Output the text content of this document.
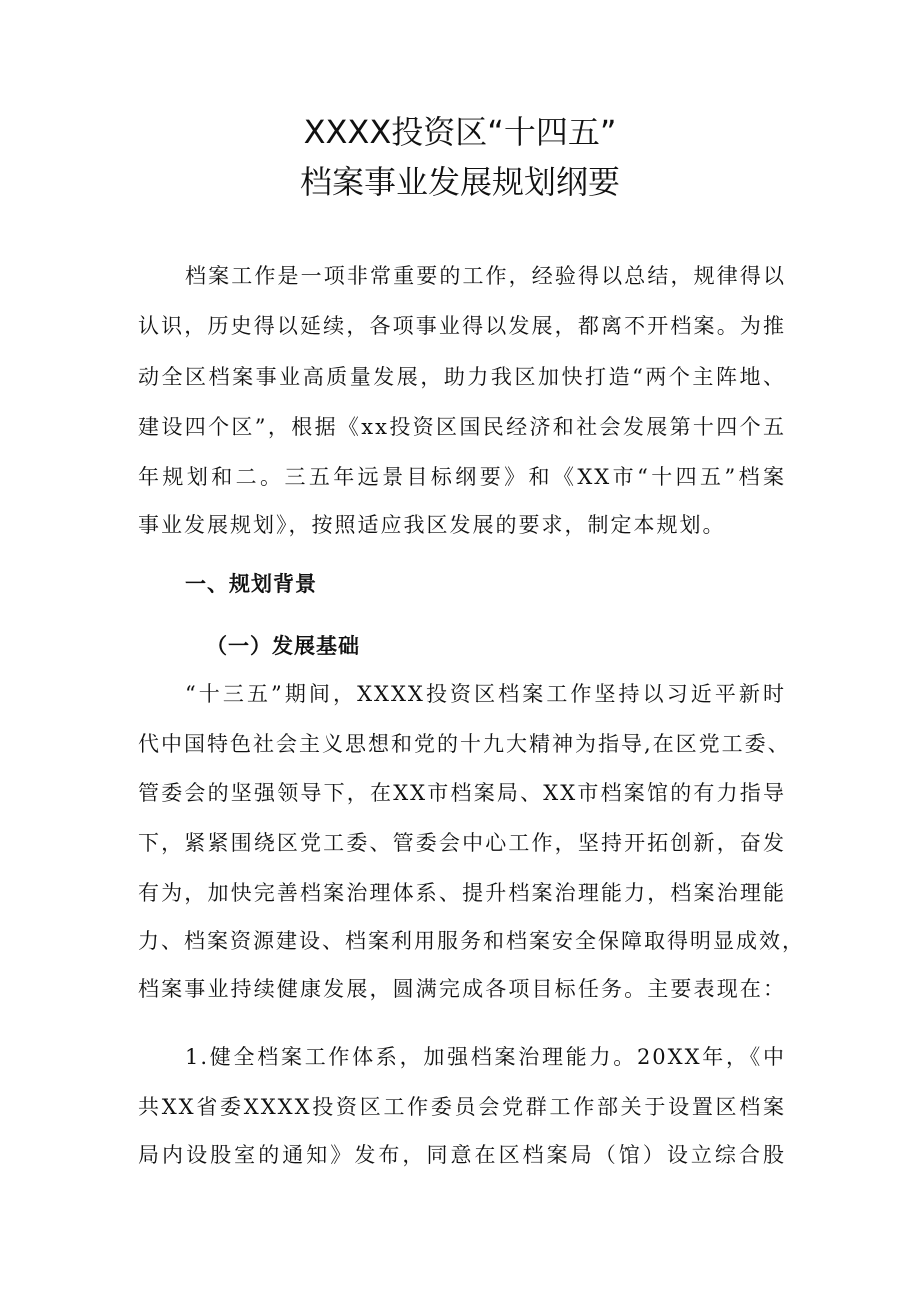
XXXX投资区“十四五”
档案事业发展规划纲要
档案工作是一项非常重要的工作，经验得以总结，规律得以
认识，历史得以延续，各项事业得以发展，都离不开档案。为推
动全区档案事业高质量发展，助力我区加快打造“两个主阵地、
建设四个区”，根据《xx投资区国民经济和社会发展第十四个五
年规划和二。三五年远景目标纲要》和《XX市“十四五”档案
事业发展规划》，按照适应我区发展的要求，制定本规划。
一、规划背景
（一）发展基础
“十三五”期间，XXXX投资区档案工作坚持以习近平新时
代中国特色社会主义思想和党的十九大精神为指导,在区党工委、
管委会的坚强领导下，在XX市档案局、XX市档案馆的有力指导
下，紧紧围绕区党工委、管委会中心工作，坚持开拓创新，奋发
有为，加快完善档案治理体系、提升档案治理能力，档案治理能
力、档案资源建设、档案利用服务和档案安全保障取得明显成效，
档案事业持续健康发展，圆满完成各项目标任务。主要表现在：
1.健全档案工作体系，加强档案治理能力。20XX年，《中
共XX省委XXXX投资区工作委员会党群工作部关于设置区档案
局内设股室的通知》发布，同意在区档案局（馆）设立综合股
